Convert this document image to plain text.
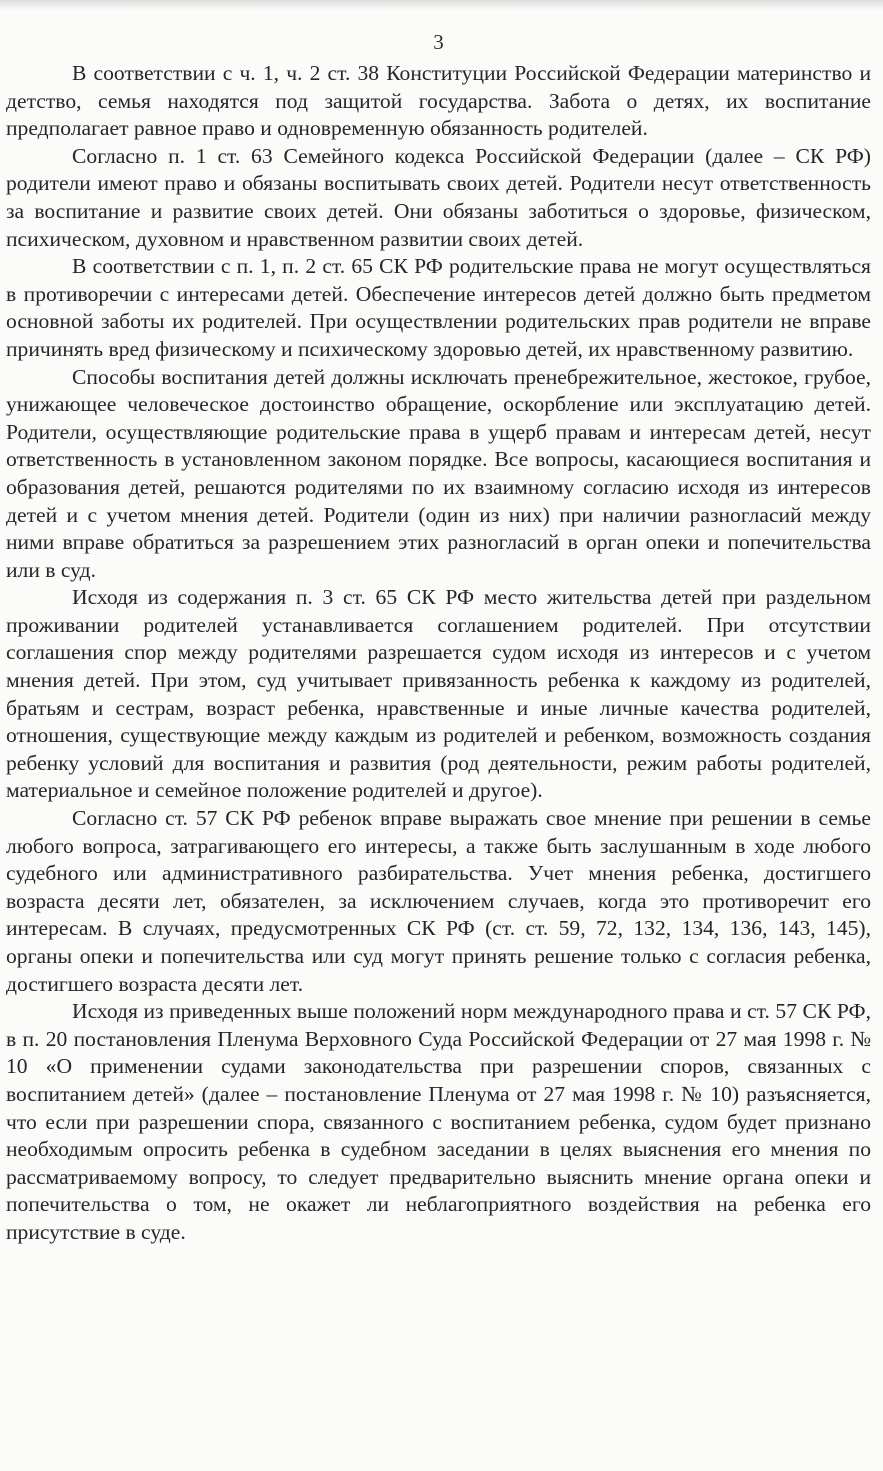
3

В соответствии с ч. 1, ч. 2 ст. 38 Конституции Российской Федерации материнство и детство, семья находятся под защитой государства. Забота о детях, их воспитание предполагает равное право и одновременную обязанность родителей.

Согласно п. 1 ст. 63 Семейного кодекса Российской Федерации (далее – СК РФ) родители имеют право и обязаны воспитывать своих детей. Родители несут ответственность за воспитание и развитие своих детей. Они обязаны заботиться о здоровье, физическом, психическом, духовном и нравственном развитии своих детей.

В соответствии с п. 1, п. 2 ст. 65 СК РФ родительские права не могут осуществляться в противоречии с интересами детей. Обеспечение интересов детей должно быть предметом основной заботы их родителей. При осуществлении родительских прав родители не вправе причинять вред физическому и психическому здоровью детей, их нравственному развитию.

Способы воспитания детей должны исключать пренебрежительное, жестокое, грубое, унижающее человеческое достоинство обращение, оскорбление или эксплуатацию детей. Родители, осуществляющие родительские права в ущерб правам и интересам детей, несут ответственность в установленном законом порядке. Все вопросы, касающиеся воспитания и образования детей, решаются родителями по их взаимному согласию исходя из интересов детей и с учетом мнения детей. Родители (один из них) при наличии разногласий между ними вправе обратиться за разрешением этих разногласий в орган опеки и попечительства или в суд.

Исходя из содержания п. 3 ст. 65 СК РФ место жительства детей при раздельном проживании родителей устанавливается соглашением родителей. При отсутствии соглашения спор между родителями разрешается судом исходя из интересов и с учетом мнения детей. При этом, суд учитывает привязанность ребенка к каждому из родителей, братьям и сестрам, возраст ребенка, нравственные и иные личные качества родителей, отношения, существующие между каждым из родителей и ребенком, возможность создания ребенку условий для воспитания и развития (род деятельности, режим работы родителей, материальное и семейное положение родителей и другое).

Согласно ст. 57 СК РФ ребенок вправе выражать свое мнение при решении в семье любого вопроса, затрагивающего его интересы, а также быть заслушанным в ходе любого судебного или административного разбирательства. Учет мнения ребенка, достигшего возраста десяти лет, обязателен, за исключением случаев, когда это противоречит его интересам. В случаях, предусмотренных СК РФ (ст. ст. 59, 72, 132, 134, 136, 143, 145), органы опеки и попечительства или суд могут принять решение только с согласия ребенка, достигшего возраста десяти лет.

Исходя из приведенных выше положений норм международного права и ст. 57 СК РФ, в п. 20 постановления Пленума Верховного Суда Российской Федерации от 27 мая 1998 г. № 10 «О применении судами законодательства при разрешении споров, связанных с воспитанием детей» (далее – постановление Пленума от 27 мая 1998 г. № 10) разъясняется, что если при разрешении спора, связанного с воспитанием ребенка, судом будет признано необходимым опросить ребенка в судебном заседании в целях выяснения его мнения по рассматриваемому вопросу, то следует предварительно выяснить мнение органа опеки и попечительства о том, не окажет ли неблагоприятного воздействия на ребенка его присутствие в суде.
